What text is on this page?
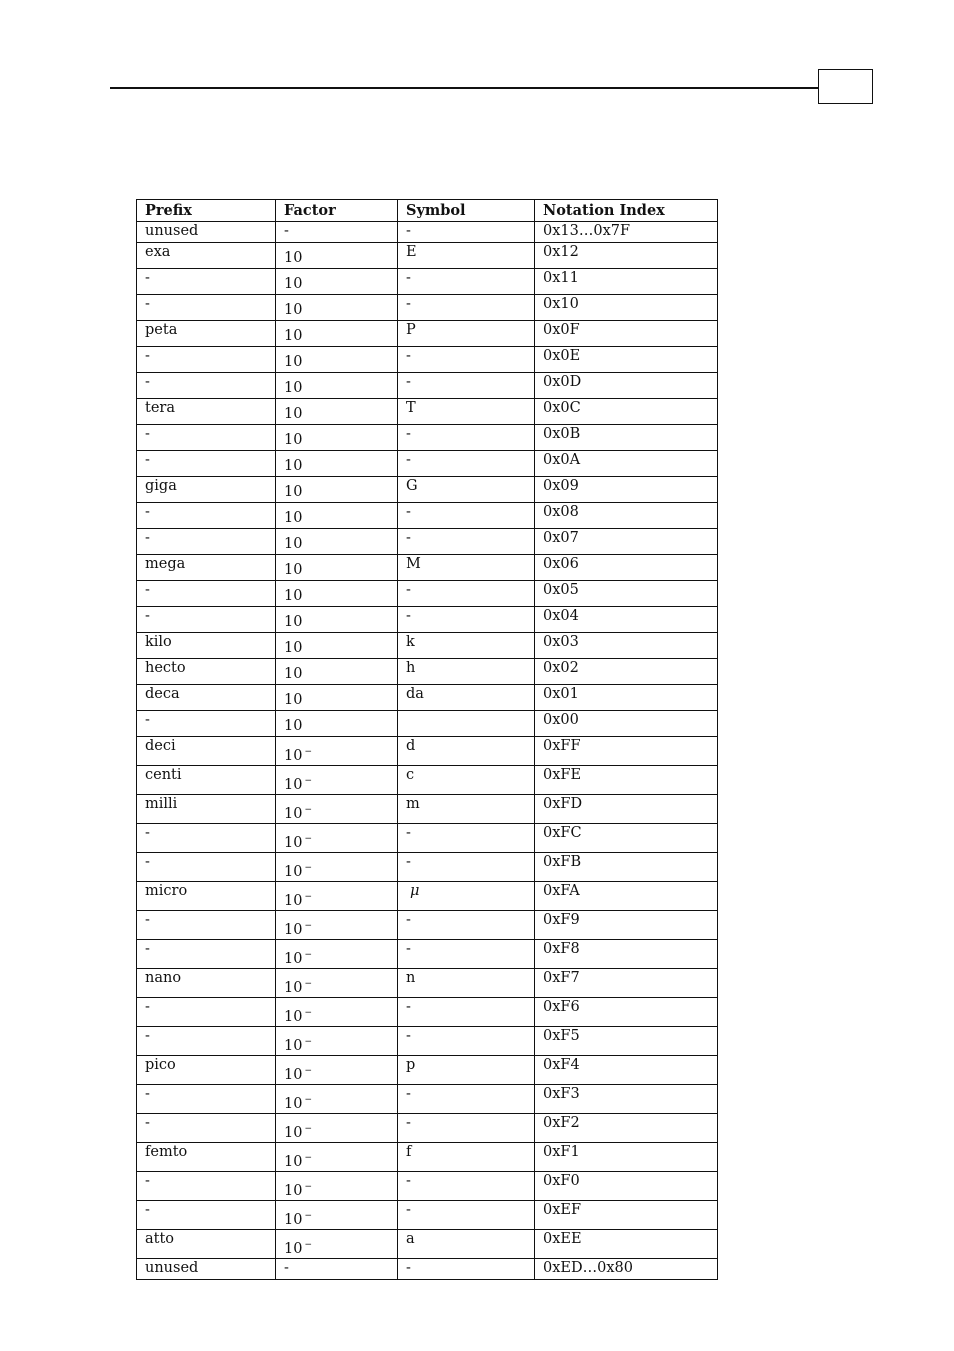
Prefix	Factor	Symbol	Notation Index
unused	-	-	0x13…0x7F
exa	10	E	0x12
-	10	-	0x11
-	10	-	0x10
peta	10	P	0x0F
-	10	-	0x0E
-	10	-	0x0D
tera	10	T	0x0C
-	10	-	0x0B
-	10	-	0x0A
giga	10	G	0x09
-	10	-	0x08
-	10	-	0x07
mega	10	M	0x06
-	10	-	0x05
-	10	-	0x04
kilo	10	k	0x03
hecto	10	h	0x02
deca	10	da	0x01
-	10		0x00
deci	10 −	d	0xFF
centi	10 −	c	0xFE
milli	10 −	m	0xFD
-	10 −	-	0xFC
-	10 −	-	0xFB
micro	10 −	μ	0xFA
-	10 −	-	0xF9
-	10 −	-	0xF8
nano	10 −	n	0xF7
-	10 −	-	0xF6
-	10 −	-	0xF5
pico	10 −	p	0xF4
-	10 −	-	0xF3
-	10 −	-	0xF2
femto	10 −	f	0xF1
-	10 −	-	0xF0
-	10 −	-	0xEF
atto	10 −	a	0xEE
unused	-	-	0xED…0x80
